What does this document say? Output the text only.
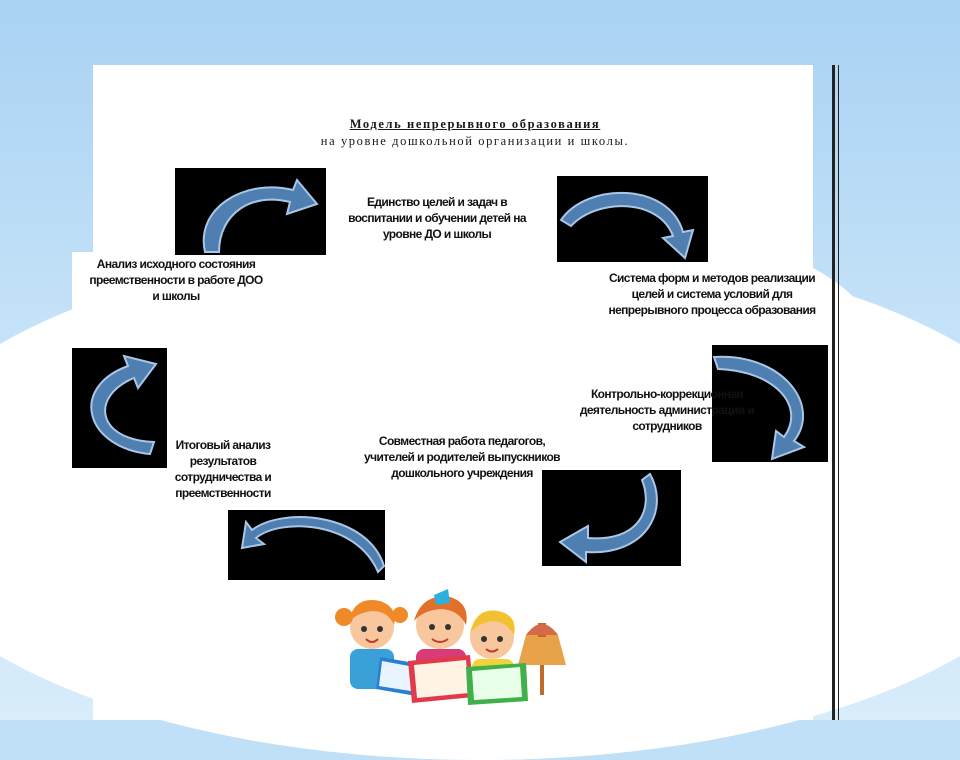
Модель непрерывного образования
на уровне дошкольной организации и школы.
Единство целей и задач в воспитании и обучении детей на уровне ДО и школы
Система форм и методов реализации целей и система условий для непрерывного процесса образования
Контрольно-коррекционная деятельность администрации и сотрудников
Совместная работа педагогов, учителей и родителей выпускников дошкольного учреждения
Итоговый анализ результатов сотрудничества и преемственности
Анализ исходного состояния преемственности в работе ДОО и школы
